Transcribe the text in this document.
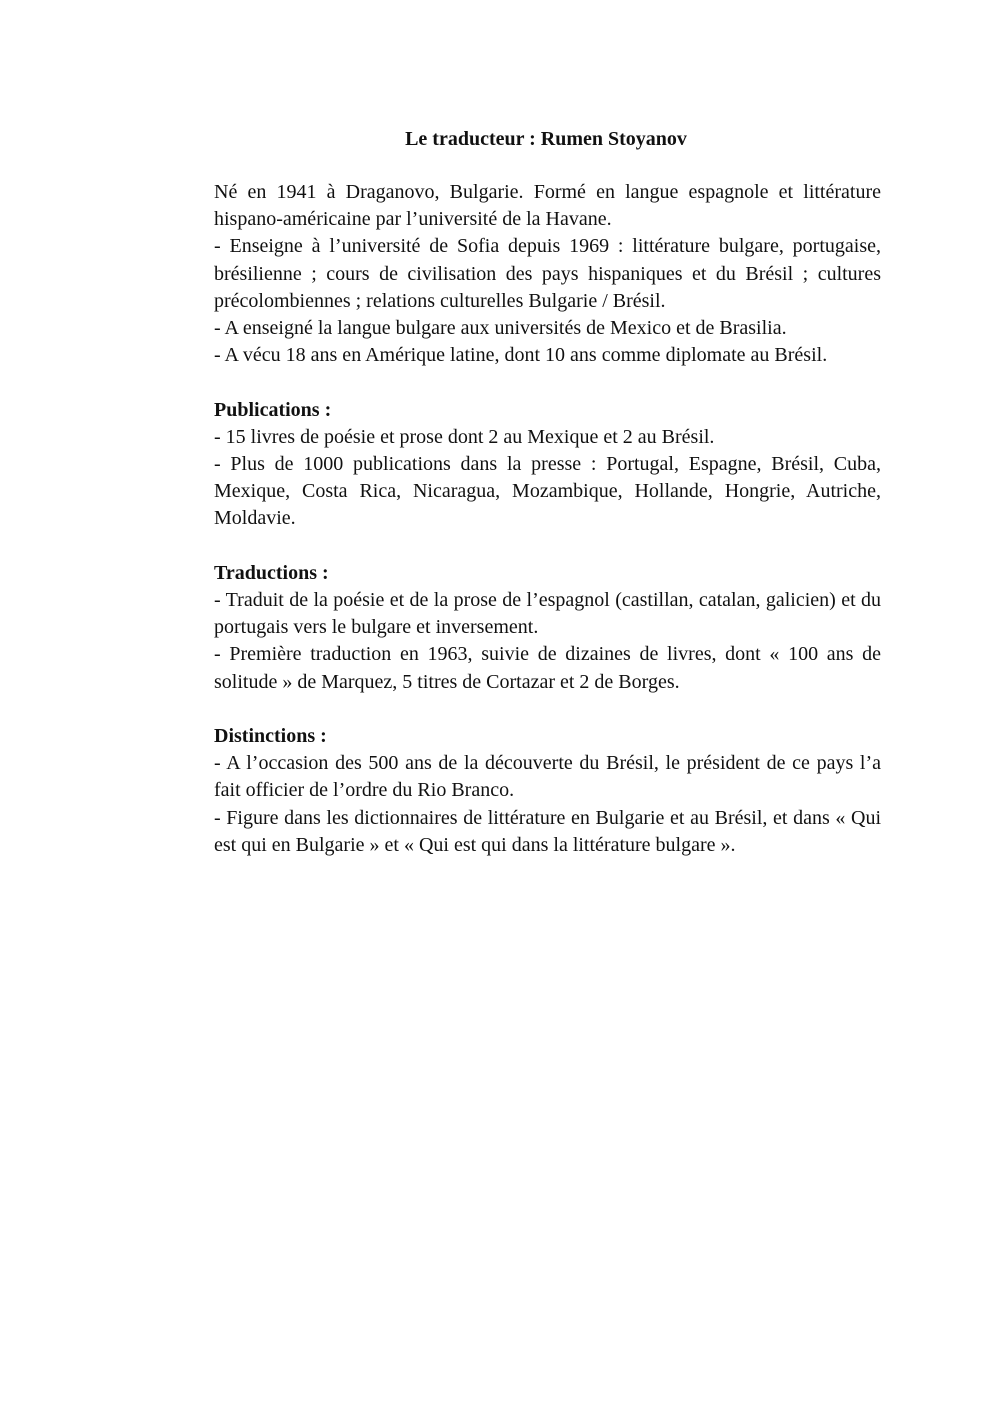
Le traducteur : Rumen Stoyanov

Né en 1941 à Draganovo, Bulgarie. Formé en langue espagnole et littérature hispano-américaine par l’université de la Havane.

- Enseigne à l’université de Sofia depuis 1969 : littérature bulgare, portugaise, brésilienne ; cours de civilisation des pays hispaniques et du Brésil ; cultures précolombiennes ; relations culturelles Bulgarie / Brésil.

- A enseigné la langue bulgare aux universités de Mexico et de Brasilia.

- A vécu 18 ans en Amérique latine, dont 10 ans comme diplomate au Brésil.

Publications :

- 15 livres de poésie et prose dont 2 au Mexique et 2 au Brésil.

- Plus de 1000 publications dans la presse : Portugal, Espagne, Brésil, Cuba, Mexique, Costa Rica, Nicaragua, Mozambique, Hollande, Hongrie, Autriche, Moldavie.

Traductions :

- Traduit de la poésie et de la prose de l’espagnol (castillan, catalan, galicien) et du portugais vers le bulgare et inversement.

- Première traduction en 1963, suivie de dizaines de livres, dont « 100 ans de solitude » de Marquez, 5 titres de Cortazar et 2 de Borges.

Distinctions :

- A l’occasion des 500 ans de la découverte du Brésil, le président de ce pays l’a fait officier de l’ordre du Rio Branco.

- Figure dans les dictionnaires de littérature en Bulgarie et au Brésil, et dans « Qui est qui en Bulgarie » et « Qui est qui dans la littérature bulgare ».
